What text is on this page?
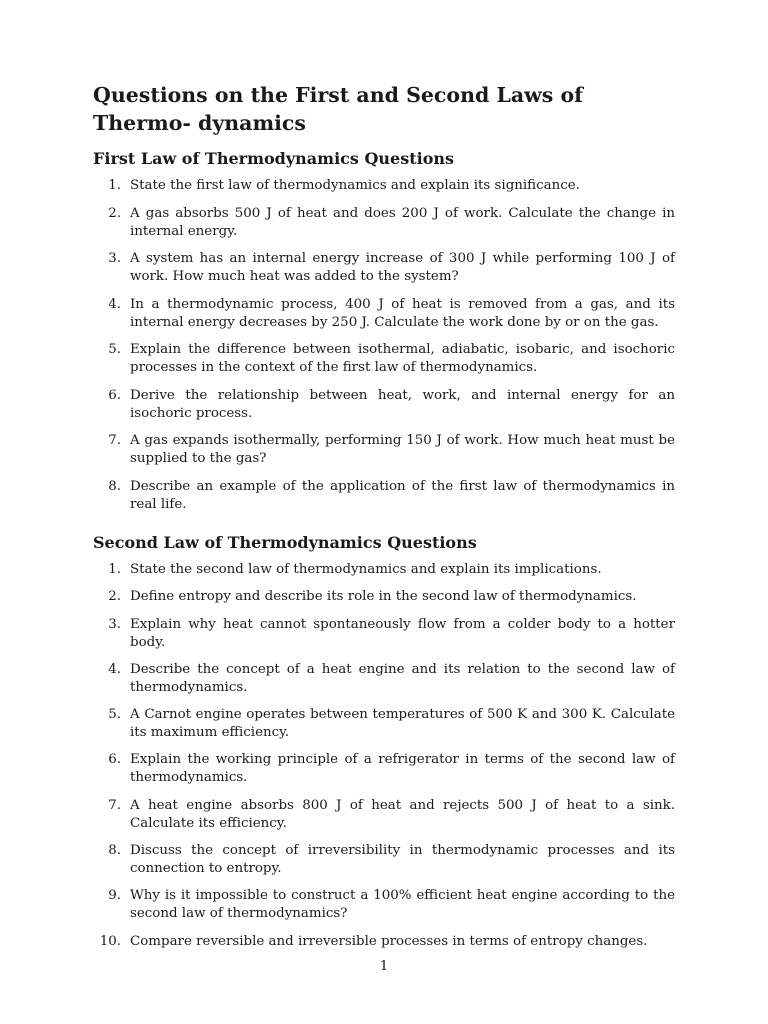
Questions on the First and Second Laws of Thermo- dynamics
First Law of Thermodynamics Questions
1. State the first law of thermodynamics and explain its significance.
2. A gas absorbs 500 J of heat and does 200 J of work. Calculate the change in internal energy.
3. A system has an internal energy increase of 300 J while performing 100 J of work. How much heat was added to the system?
4. In a thermodynamic process, 400 J of heat is removed from a gas, and its internal energy decreases by 250 J. Calculate the work done by or on the gas.
5. Explain the difference between isothermal, adiabatic, isobaric, and isochoric processes in the context of the first law of thermodynamics.
6. Derive the relationship between heat, work, and internal energy for an isochoric process.
7. A gas expands isothermally, performing 150 J of work. How much heat must be supplied to the gas?
8. Describe an example of the application of the first law of thermodynamics in real life.
Second Law of Thermodynamics Questions
1. State the second law of thermodynamics and explain its implications.
2. Define entropy and describe its role in the second law of thermodynamics.
3. Explain why heat cannot spontaneously flow from a colder body to a hotter body.
4. Describe the concept of a heat engine and its relation to the second law of thermodynamics.
5. A Carnot engine operates between temperatures of 500 K and 300 K. Calculate its maximum efficiency.
6. Explain the working principle of a refrigerator in terms of the second law of thermodynamics.
7. A heat engine absorbs 800 J of heat and rejects 500 J of heat to a sink. Calculate its efficiency.
8. Discuss the concept of irreversibility in thermodynamic processes and its connection to entropy.
9. Why is it impossible to construct a 100% efficient heat engine according to the second law of thermodynamics?
10. Compare reversible and irreversible processes in terms of entropy changes.
1
